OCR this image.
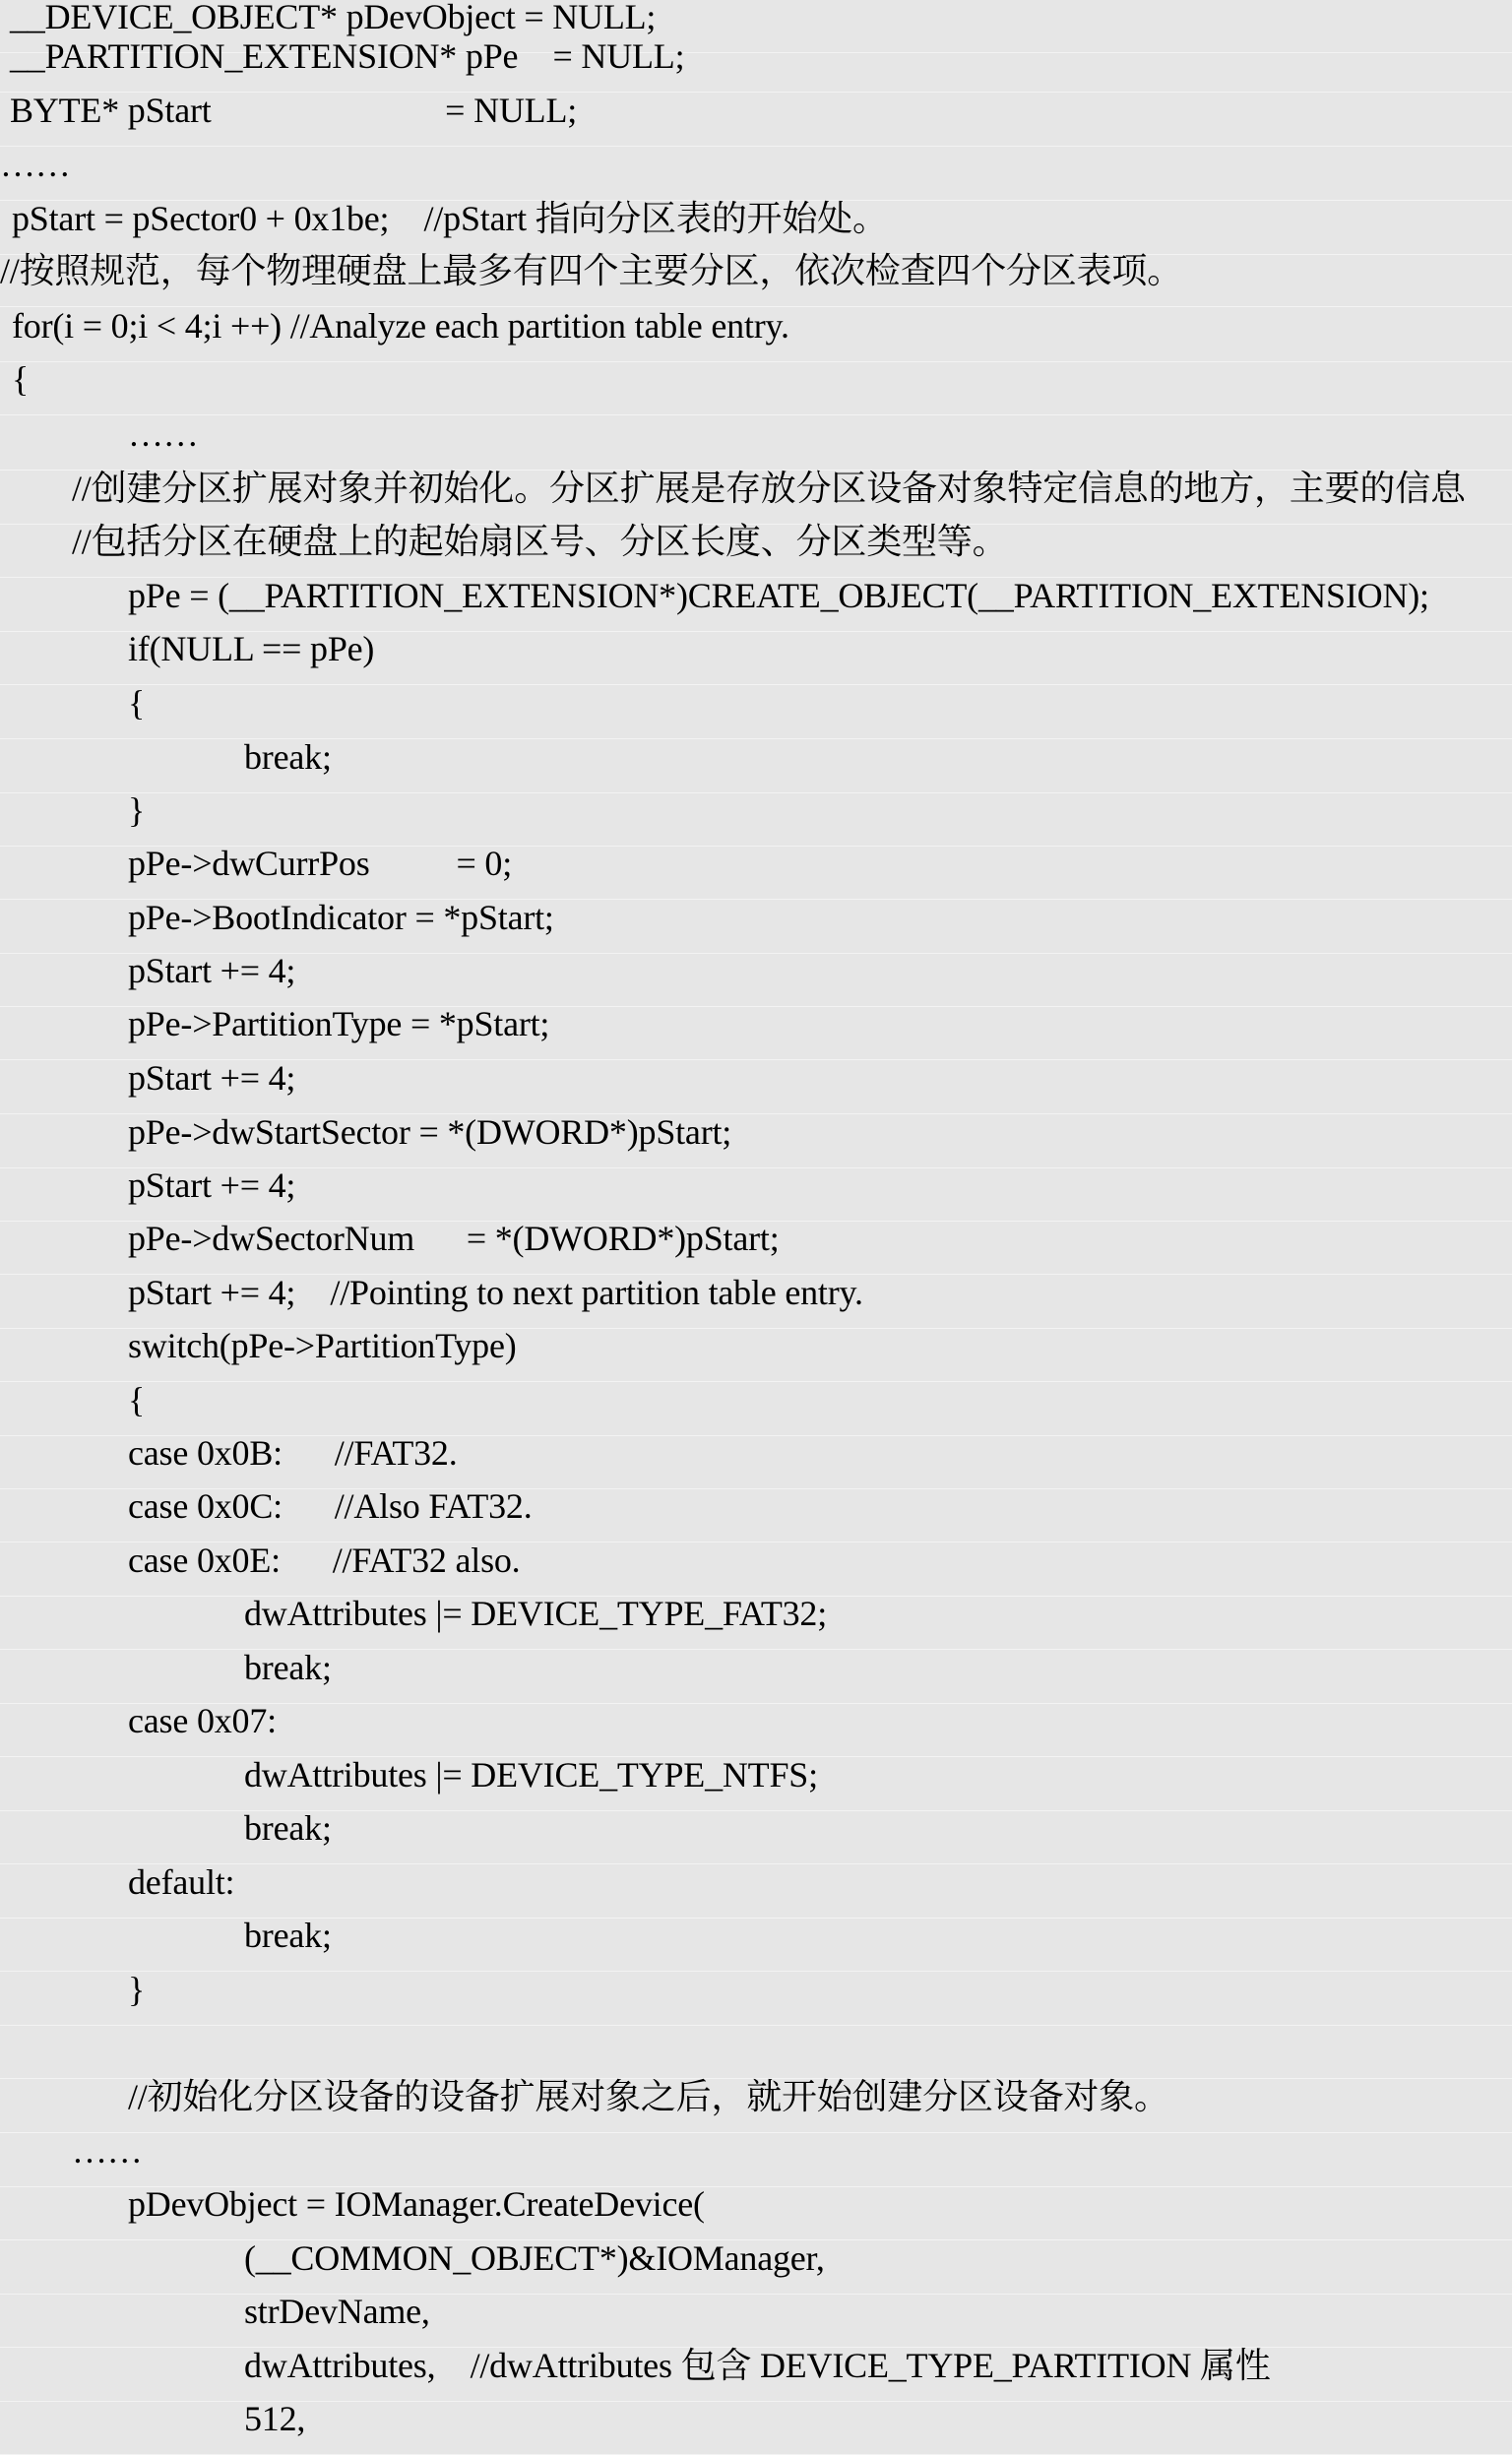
__DEVICE_OBJECT* pDevObject = NULL;
__PARTITION_EXTENSION* pPe    = NULL;
BYTE* pStart                           = NULL;
……
pStart = pSector0 + 0x1be;    //pStart 指向分区表的开始处。
//按照规范，每个物理硬盘上最多有四个主要分区，依次检查四个分区表项。
for(i = 0;i < 4;i ++) //Analyze each partition table entry.
{
……
//创建分区扩展对象并初始化。分区扩展是存放分区设备对象特定信息的地方，主要的信息
//包括分区在硬盘上的起始扇区号、分区长度、分区类型等。
pPe = (__PARTITION_EXTENSION*)CREATE_OBJECT(__PARTITION_EXTENSION);
if(NULL == pPe)
{
break;
}
pPe->dwCurrPos          = 0;
pPe->BootIndicator = *pStart;
pStart += 4;
pPe->PartitionType = *pStart;
pStart += 4;
pPe->dwStartSector = *(DWORD*)pStart;
pStart += 4;
pPe->dwSectorNum      = *(DWORD*)pStart;
pStart += 4;    //Pointing to next partition table entry.
switch(pPe->PartitionType)
{
case 0x0B:      //FAT32.
case 0x0C:      //Also FAT32.
case 0x0E:      //FAT32 also.
dwAttributes |= DEVICE_TYPE_FAT32;
break;
case 0x07:
dwAttributes |= DEVICE_TYPE_NTFS;
break;
default:
break;
}
//初始化分区设备的设备扩展对象之后，就开始创建分区设备对象。
……
pDevObject = IOManager.CreateDevice(
(__COMMON_OBJECT*)&IOManager,
strDevName,
dwAttributes,    //dwAttributes 包含 DEVICE_TYPE_PARTITION 属性
512,
